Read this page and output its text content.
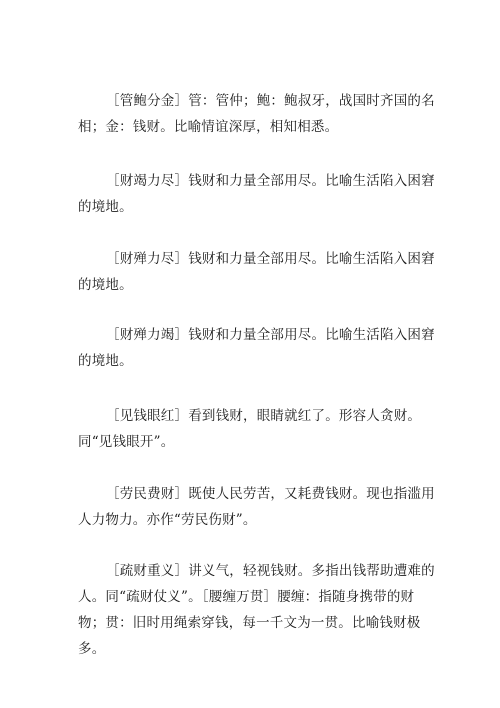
［管鲍分金］管：管仲；鲍：鲍叔牙，战国时齐国的名相；金：钱财。比喻情谊深厚，相知相悉。

［财竭力尽］钱财和力量全部用尽。比喻生活陷入困窘的境地。

［财殚力尽］钱财和力量全部用尽。比喻生活陷入困窘的境地。

［财殚力竭］钱财和力量全部用尽。比喻生活陷入困窘的境地。

［见钱眼红］看到钱财，眼睛就红了。形容人贪财。同“见钱眼开”。

［劳民费财］既使人民劳苦，又耗费钱财。现也指滥用人力物力。亦作“劳民伤财”。

［疏财重义］讲义气，轻视钱财。多指出钱帮助遭难的人。同“疏财仗义”。［腰缠万贯］腰缠：指随身携带的财物；贯：旧时用绳索穿钱，每一千文为一贯。比喻钱财极多。
